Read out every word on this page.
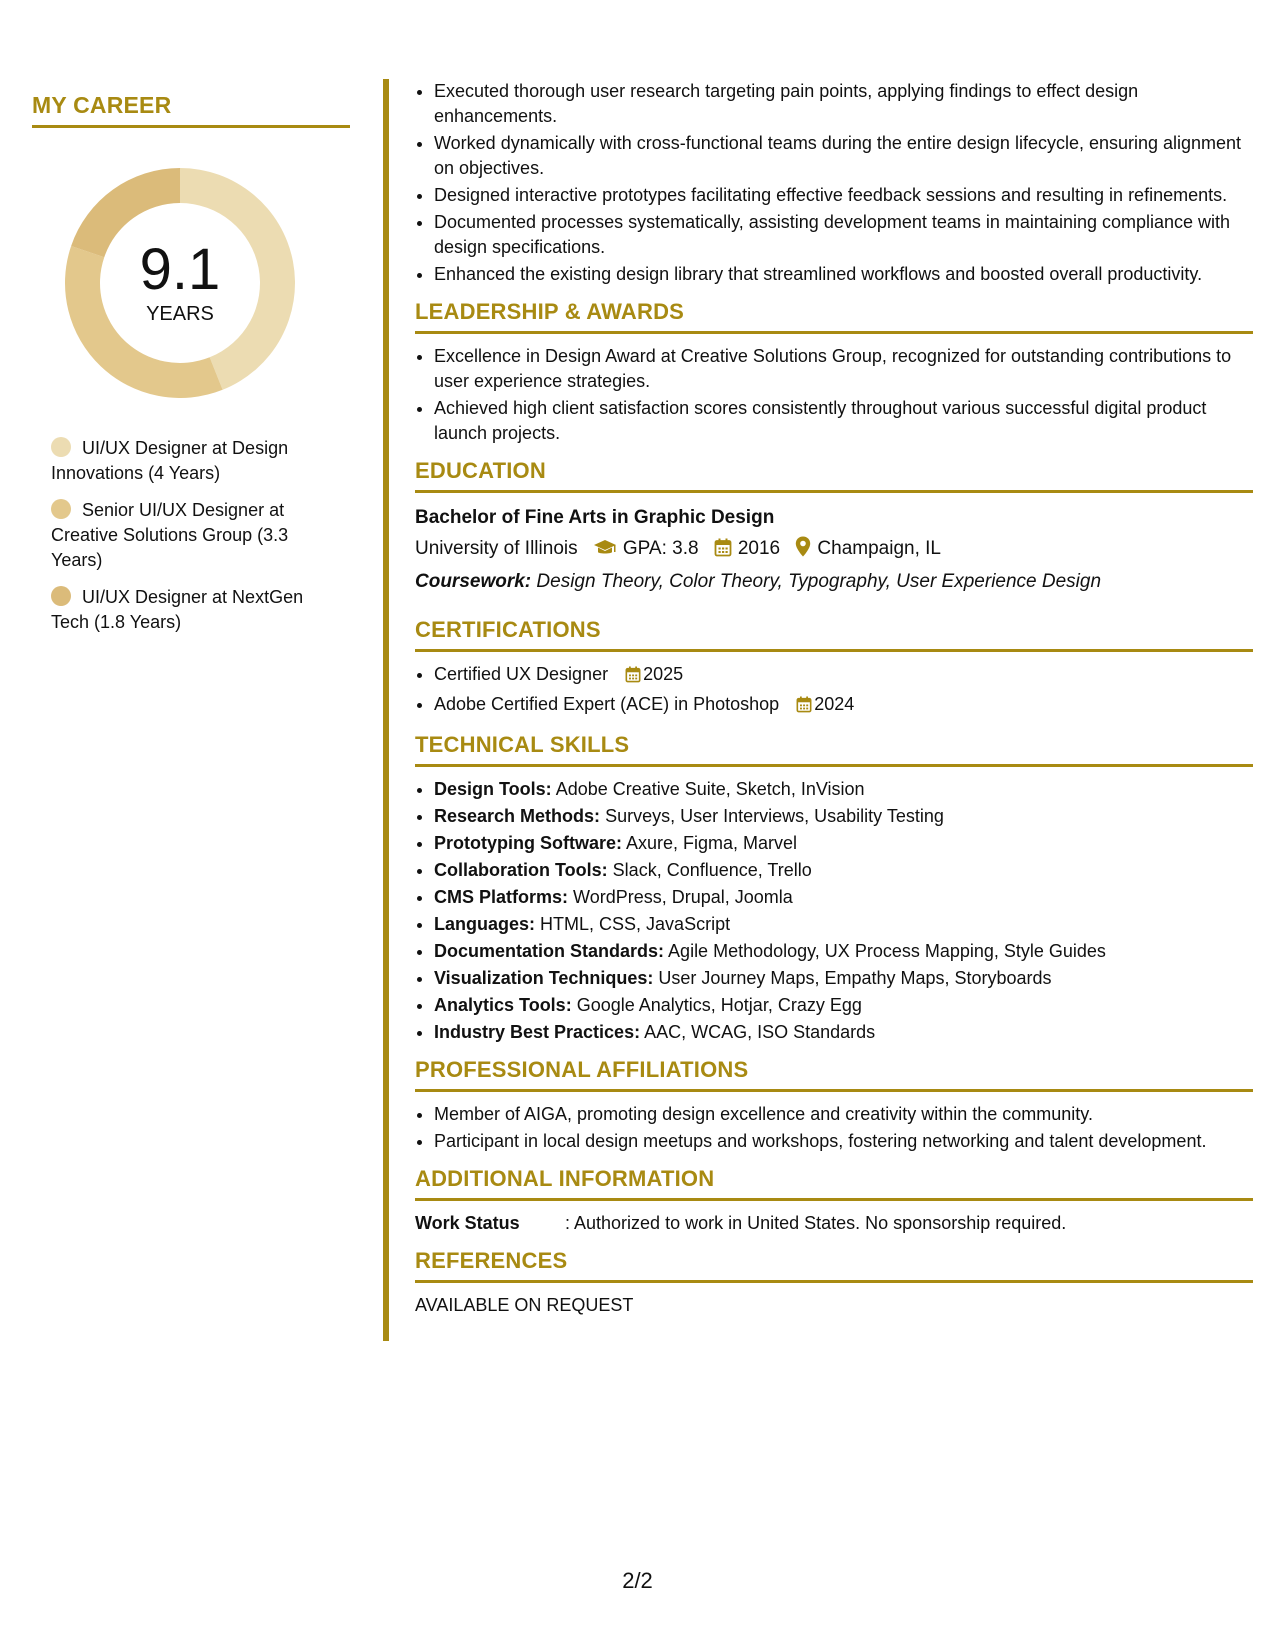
MY CAREER
9.1
YEARS
UI/UX Designer at Design Innovations (4 Years)
Senior UI/UX Designer at Creative Solutions Group (3.3 Years)
UI/UX Designer at NextGen Tech (1.8 Years)
• Executed thorough user research targeting pain points, applying findings to effect design enhancements.
• Worked dynamically with cross-functional teams during the entire design lifecycle, ensuring alignment on objectives.
• Designed interactive prototypes facilitating effective feedback sessions and resulting in refinements.
• Documented processes systematically, assisting development teams in maintaining compliance with design specifications.
• Enhanced the existing design library that streamlined workflows and boosted overall productivity.
LEADERSHIP & AWARDS
• Excellence in Design Award at Creative Solutions Group, recognized for outstanding contributions to user experience strategies.
• Achieved high client satisfaction scores consistently throughout various successful digital product launch projects.
EDUCATION
Bachelor of Fine Arts in Graphic Design
University of Illinois GPA: 3.8 2016 Champaign, IL
Coursework: Design Theory, Color Theory, Typography, User Experience Design
CERTIFICATIONS
• Certified UX Designer 2025
• Adobe Certified Expert (ACE) in Photoshop 2024
TECHNICAL SKILLS
• Design Tools: Adobe Creative Suite, Sketch, InVision
• Research Methods: Surveys, User Interviews, Usability Testing
• Prototyping Software: Axure, Figma, Marvel
• Collaboration Tools: Slack, Confluence, Trello
• CMS Platforms: WordPress, Drupal, Joomla
• Languages: HTML, CSS, JavaScript
• Documentation Standards: Agile Methodology, UX Process Mapping, Style Guides
• Visualization Techniques: User Journey Maps, Empathy Maps, Storyboards
• Analytics Tools: Google Analytics, Hotjar, Crazy Egg
• Industry Best Practices: AAC, WCAG, ISO Standards
PROFESSIONAL AFFILIATIONS
• Member of AIGA, promoting design excellence and creativity within the community.
• Participant in local design meetups and workshops, fostering networking and talent development.
ADDITIONAL INFORMATION
Work Status	: Authorized to work in United States. No sponsorship required.
REFERENCES
AVAILABLE ON REQUEST
2/2
